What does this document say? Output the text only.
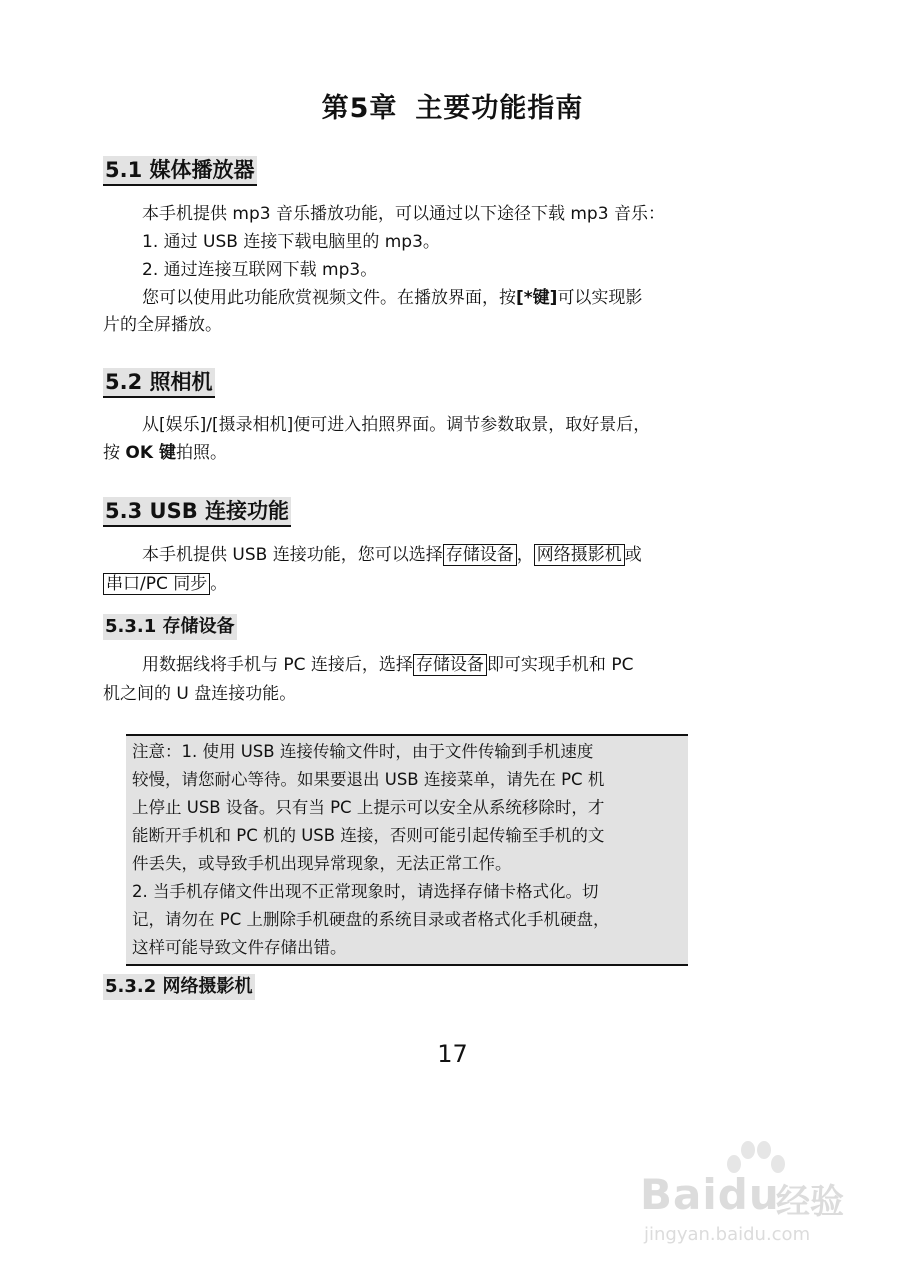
第5章 主要功能指南
5.1 媒体播放器
本手机提供 mp3 音乐播放功能，可以通过以下途径下载 mp3 音乐：
1. 通过 USB 连接下载电脑里的 mp3。
2. 通过连接互联网下载 mp3。
您可以使用此功能欣赏视频文件。在播放界面，按[*键]可以实现影
片的全屏播放。
5.2 照相机
从[娱乐]/[摄录相机]便可进入拍照界面。调节参数取景，取好景后，
按 OK 键拍照。
5.3 USB 连接功能
本手机提供 USB 连接功能，您可以选择 存储设备 ， 网络摄影机 或
串口/PC 同步 。
5.3.1 存储设备
用数据线将手机与 PC 连接后，选择 存储设备 即可实现手机和 PC
机之间的 U 盘连接功能。
注意：1. 使用 USB 连接传输文件时，由于文件传输到手机速度
较慢，请您耐心等待。如果要退出 USB 连接菜单，请先在 PC 机
上停止 USB 设备。只有当 PC 上提示可以安全从系统移除时，才
能断开手机和 PC 机的 USB 连接，否则可能引起传输至手机的文
件丢失，或导致手机出现异常现象，无法正常工作。
2. 当手机存储文件出现不正常现象时，请选择存储卡格式化。切
记，请勿在 PC 上删除手机硬盘的系统目录或者格式化手机硬盘，
这样可能导致文件存储出错。
5.3.2 网络摄影机
17
Baidu
经验
jingyan.baidu.com
